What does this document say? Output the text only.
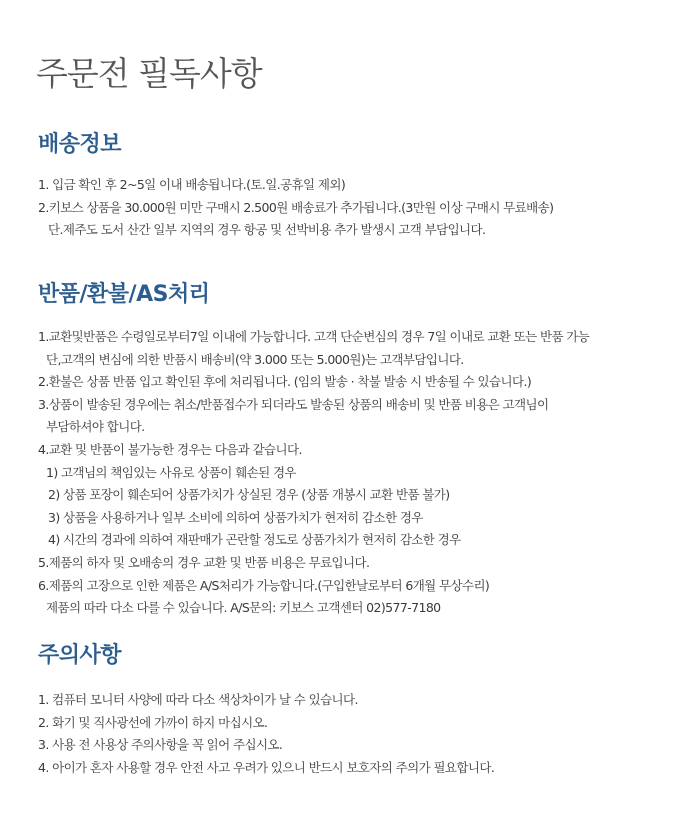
주문전 필독사항
배송정보
1. 입금 확인 후 2~5일 이내 배송됩니다.(토.일.공휴일 제외)
2.키보스 상품을 30.000원 미만 구매시 2.500원 배송료가 추가됩니다.(3만원 이상 구매시 무료배송)
단.제주도 도서 산간 일부 지역의 경우 항공 및 선박비용 추가 발생시 고객 부담입니다.
반품/환불/AS처리
1.교환및반품은 수령일로부터7일 이내에 가능합니다. 고객 단순변심의 경우 7일 이내로 교환 또는 반품 가능
단,고객의 변심에 의한 반품시 배송비(약 3.000 또는 5.000원)는 고객부담입니다.
2.환불은 상품 반품 입고 확인된 후에 처리됩니다. (임의 발송 · 착불 발송 시 반송될 수 있습니다.)
3.상품이 발송된 경우에는 취소/반품접수가 되더라도 발송된 상품의 배송비 및 반품 비용은 고객님이
부담하셔야 합니다.
4.교환 및 반품이 불가능한 경우는 다음과 같습니다.
1) 고객님의 책임있는 사유로 상품이 훼손된 경우
2) 상품 포장이 훼손되어 상품가치가 상실된 경우 (상품 개봉시 교환 반품 불가)
3) 상품을 사용하거나 일부 소비에 의하여 상품가치가 현저히 감소한 경우
4) 시간의 경과에 의하여 재판매가 곤란할 정도로 상품가치가 현저히 감소한 경우
5.제품의 하자 및 오배송의 경우 교환 및 반품 비용은 무료입니다.
6.제품의 고장으로 인한 제품은 A/S처리가 가능합니다.(구입한날로부터 6개월 무상수리)
제품의 따라 다소 다를 수 있습니다. A/S문의: 키보스 고객센터 02)577-7180
주의사항
1. 컴퓨터 모니터 사양에 따라 다소 색상차이가 날 수 있습니다.
2. 화기 및 직사광선에 가까이 하지 마십시오.
3. 사용 전 사용상 주의사항을 꼭 읽어 주십시오.
4. 아이가 혼자 사용할 경우 안전 사고 우려가 있으니 반드시 보호자의 주의가 필요합니다.
